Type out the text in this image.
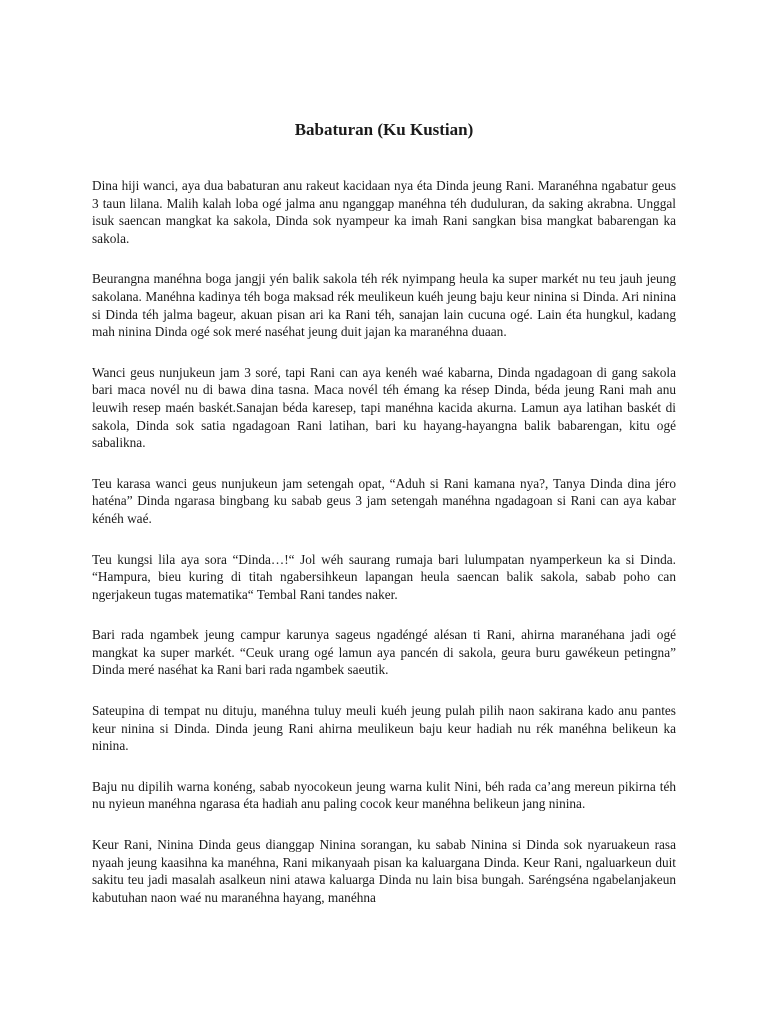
Babaturan (Ku Kustian)

Dina hiji wanci, aya dua babaturan anu rakeut kacidaan nya éta Dinda jeung Rani. Maranéhna ngabatur geus 3 taun lilana. Malih kalah loba ogé jalma anu nganggap manéhna téh duduluran, da saking akrabna. Unggal isuk saencan mangkat ka sakola, Dinda sok nyampeur ka imah Rani sangkan bisa mangkat babarengan ka sakola.

Beurangna manéhna boga jangji yén balik sakola téh rék nyimpang heula ka super markét nu teu jauh jeung sakolana. Manéhna kadinya téh boga maksad rék meulikeun kuéh jeung baju keur ninina si Dinda. Ari ninina si Dinda téh jalma bageur, akuan pisan ari ka Rani téh, sanajan lain cucuna ogé. Lain éta hungkul, kadang mah ninina Dinda ogé sok meré naséhat jeung duit jajan ka maranéhna duaan.

Wanci geus nunjukeun jam 3 soré, tapi Rani can aya kenéh waé kabarna, Dinda ngadagoan di gang sakola bari maca novél nu di bawa dina tasna. Maca novél téh émang ka résep Dinda, béda jeung Rani mah anu leuwih resep maén baskét.Sanajan béda karesep, tapi manéhna kacida akurna. Lamun aya latihan baskét di sakola, Dinda sok satia ngadagoan Rani latihan, bari ku hayang-hayangna balik babarengan, kitu ogé sabalikna.

Teu karasa wanci geus nunjukeun jam setengah opat, “Aduh si Rani kamana nya?, Tanya Dinda dina jéro haténa” Dinda ngarasa bingbang ku sabab geus 3 jam setengah manéhna ngadagoan si Rani can aya kabar kénéh waé.

Teu kungsi lila aya sora “Dinda…!“ Jol wéh saurang rumaja bari lulumpatan nyamperkeun ka si Dinda. “Hampura, bieu kuring di titah ngabersihkeun lapangan heula saencan balik sakola, sabab poho can ngerjakeun tugas matematika“ Tembal Rani tandes naker.

Bari rada ngambek jeung campur karunya sageus ngadéngé alésan ti Rani, ahirna maranéhana jadi ogé mangkat ka super markét. “Ceuk urang ogé lamun aya pancén di sakola, geura buru gawékeun petingna” Dinda meré naséhat ka Rani bari rada ngambek saeutik.

Sateupina di tempat nu dituju, manéhna tuluy meuli kuéh jeung pulah pilih naon sakirana kado anu pantes keur ninina si Dinda. Dinda jeung Rani ahirna meulikeun baju keur hadiah nu rék manéhna belikeun ka ninina.

Baju nu dipilih warna konéng, sabab nyocokeun jeung warna kulit Nini, béh rada ca’ang mereun pikirna téh nu nyieun manéhna ngarasa éta hadiah anu paling cocok keur manéhna belikeun jang ninina.

Keur Rani, Ninina Dinda geus dianggap Ninina sorangan, ku sabab Ninina si Dinda sok nyaruakeun rasa nyaah jeung kaasihna ka manéhna, Rani mikanyaah pisan ka kaluargana Dinda. Keur Rani, ngaluarkeun duit sakitu teu jadi masalah asalkeun nini atawa kaluarga Dinda nu lain bisa bungah. Saréngséna ngabelanjakeun kabutuhan naon waé nu maranéhna hayang, manéhna
